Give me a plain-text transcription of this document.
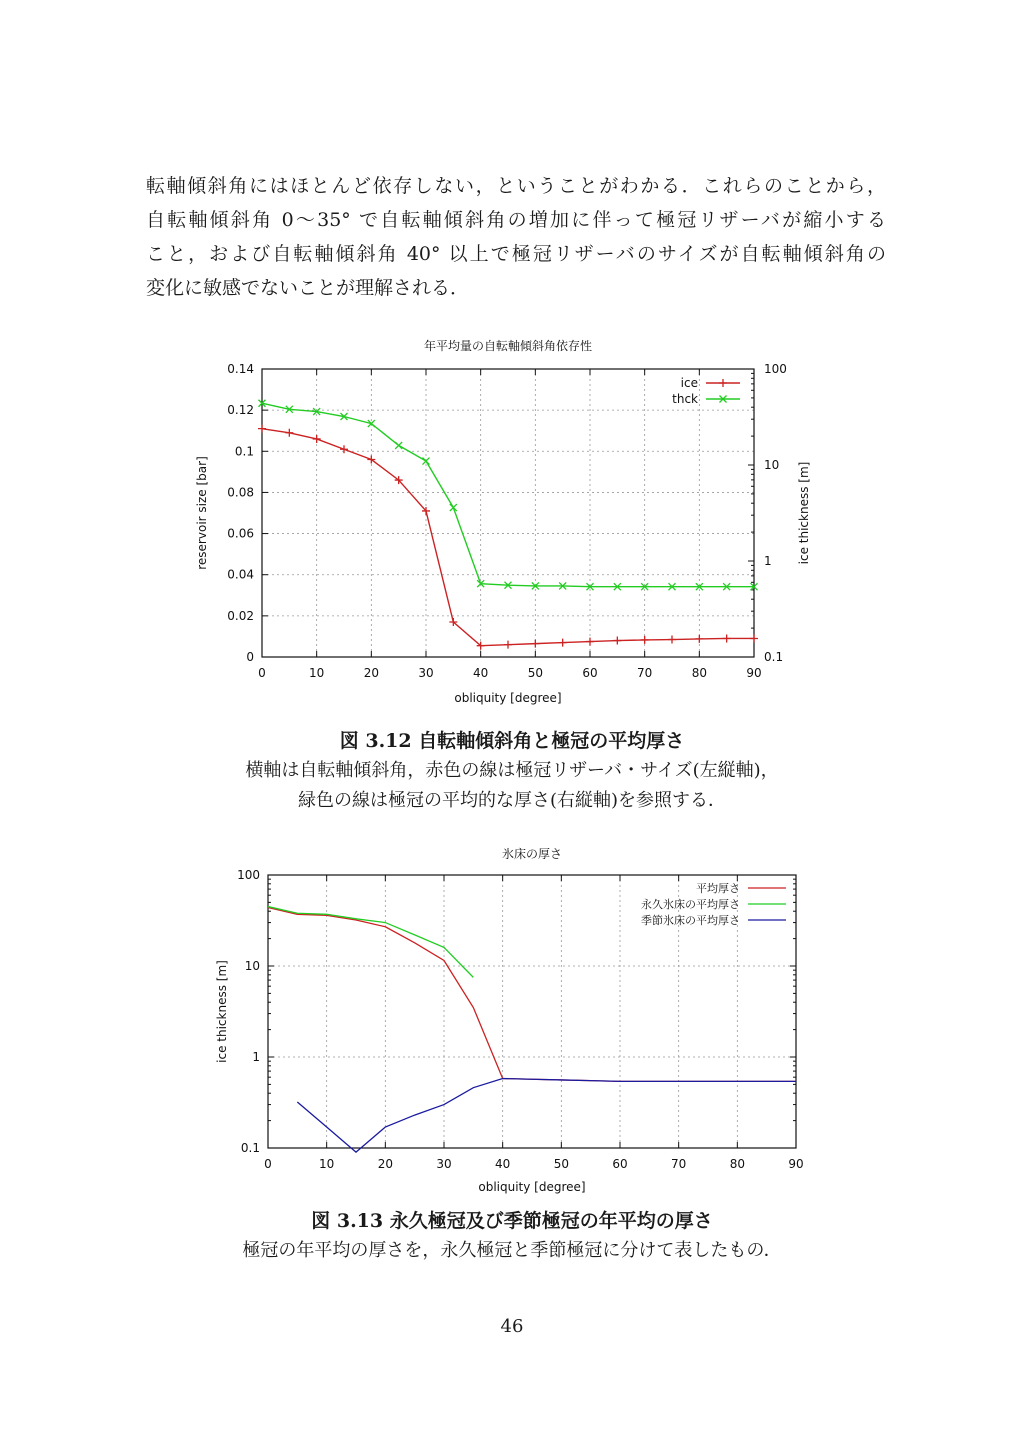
転軸傾斜角にはほとんど依存しない，ということがわかる．これらのことから，
自転軸傾斜角 0〜35° で自転軸傾斜角の増加に伴って極冠リザーバが縮小する
こと，および自転軸傾斜角 40° 以上で極冠リザーバのサイズが自転軸傾斜角の
変化に敏感でないことが理解される．
年平均量の自転軸傾斜角依存性
0	10	20	30	40	50	60	70	80	90
0
0.02
0.04
0.06
0.08
0.1
0.12
0.14
0.1
1
10
100
obliquity [degree]
reservoir size [bar]	ice thickness [m]
ice
thck
図 3.12 自転軸傾斜角と極冠の平均厚さ
横軸は自転軸傾斜角，赤色の線は極冠リザーバ・サイズ(左縦軸)，
緑色の線は極冠の平均的な厚さ(右縦軸)を参照する．
氷床の厚さ
0	10	20	30	40	50	60	70	80	90
0.1
1
10
100
obliquity [degree]
ice thickness [m]
平均厚さ
永久氷床の平均厚さ
季節氷床の平均厚さ
図 3.13 永久極冠及び季節極冠の年平均の厚さ
極冠の年平均の厚さを，永久極冠と季節極冠に分けて表したもの．
46
